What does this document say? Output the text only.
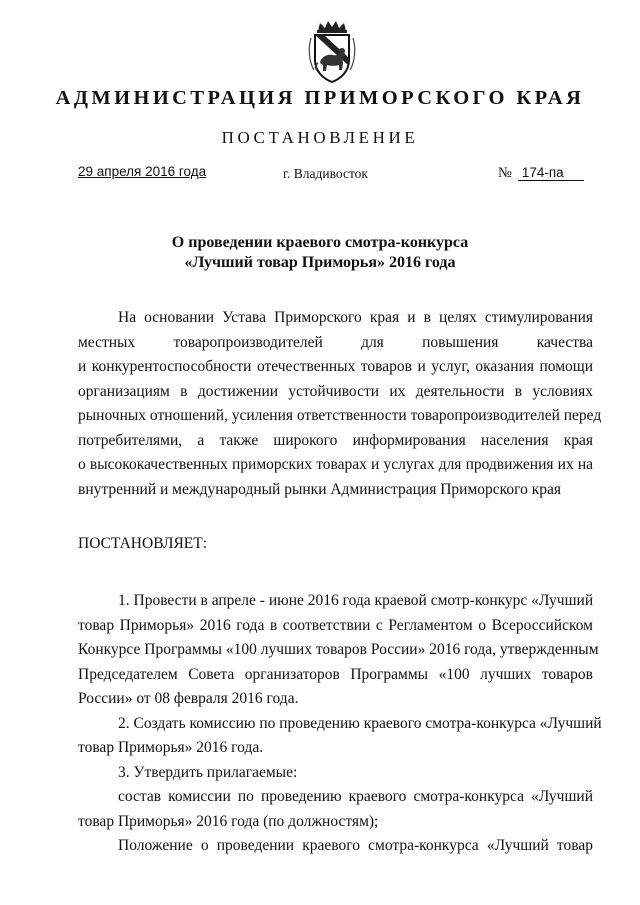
АДМИНИСТРАЦИЯ ПРИМОРСКОГО КРАЯ
ПОСТАНОВЛЕНИЕ
29 апреля 2016 года	г. Владивосток	№ 174-па
О проведении краевого смотра-конкурса
«Лучший товар Приморья» 2016 года
На основании Устава Приморского края и в целях стимулирования
местных товаропроизводителей для повышения качества
и конкурентоспособности отечественных товаров и услуг, оказания помощи
организациям в достижении устойчивости их деятельности в условиях
рыночных отношений, усиления ответственности товаропроизводителей перед
потребителями, а также широкого информирования населения края
о высококачественных приморских товарах и услугах для продвижения их на
внутренний и международный рынки Администрация Приморского края
ПОСТАНОВЛЯЕТ:
1. Провести в апреле - июне 2016 года краевой смотр-конкурс «Лучший
товар Приморья» 2016 года в соответствии с Регламентом о Всероссийском
Конкурсе Программы «100 лучших товаров России» 2016 года, утвержденным
Председателем Совета организаторов Программы «100 лучших товаров
России» от 08 февраля 2016 года.
2. Создать комиссию по проведению краевого смотра-конкурса «Лучший
товар Приморья» 2016 года.
3. Утвердить прилагаемые:
состав комиссии по проведению краевого смотра-конкурса «Лучший
товар Приморья» 2016 года (по должностям);
Положение о проведении краевого смотра-конкурса «Лучший товар
